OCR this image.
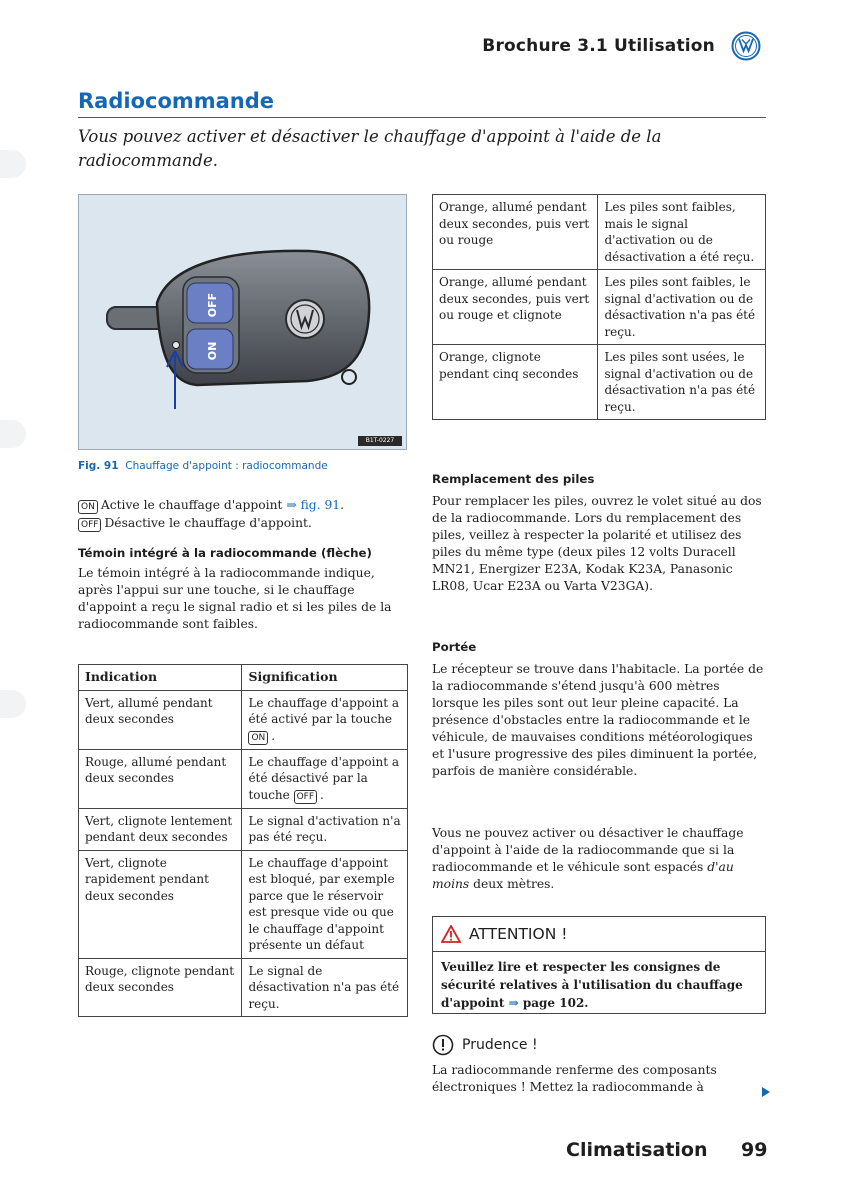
Brochure 3.1 Utilisation
Radiocommande
Vous pouvez activer et désactiver le chauffage d'appoint à l'aide de la radiocommande.
OFF
ON
B1T-0227
Fig. 91 Chauffage d'appoint : radiocommande
ON Active le chauffage d'appoint ⇒ fig. 91.
OFF Désactive le chauffage d'appoint.
Témoin intégré à la radiocommande (flèche)
Le témoin intégré à la radiocommande indique, après l'appui sur une touche, si le chauffage d'appoint a reçu le signal radio et si les piles de la radiocommande sont faibles.
Indication	Signification
Vert, allumé pendant deux secondes	Le chauffage d'appoint a été activé par la touche ON .
Rouge, allumé pendant deux secondes	Le chauffage d'appoint a été désactivé par la touche OFF .
Vert, clignote lentement pendant deux secondes	Le signal d'activation n'a pas été reçu.
Vert, clignote rapidement pendant deux secondes	Le chauffage d'appoint est bloqué, par exemple parce que le réservoir est presque vide ou que le chauffage d'appoint présente un défaut
Rouge, clignote pendant deux secondes	Le signal de désactivation n'a pas été reçu.
Orange, allumé pendant deux secondes, puis vert ou rouge	Les piles sont faibles, mais le signal d'activation ou de désactivation a été reçu.
Orange, allumé pendant deux secondes, puis vert ou rouge et clignote	Les piles sont faibles, le signal d'activation ou de désactivation n'a pas été reçu.
Orange, clignote pendant cinq secondes	Les piles sont usées, le signal d'activation ou de désactivation n'a pas été reçu.
Remplacement des piles
Pour remplacer les piles, ouvrez le volet situé au dos de la radiocommande. Lors du remplacement des piles, veillez à respecter la polarité et utilisez des piles du même type (deux piles 12 volts Duracell MN21, Energizer E23A, Kodak K23A, Panasonic LR08, Ucar E23A ou Varta V23GA).
Portée
Le récepteur se trouve dans l'habitacle. La portée de la radiocommande s'étend jusqu'à 600 mètres lorsque les piles sont out leur pleine capacité. La présence d'obstacles entre la radiocommande et le véhicule, de mauvaises conditions météorologiques et l'usure progressive des piles diminuent la portée, parfois de manière considérable.
Vous ne pouvez activer ou désactiver le chauffage d'appoint à l'aide de la radiocommande que si la radiocommande et le véhicule sont espacés d'au moins deux mètres.
ATTENTION !
Veuillez lire et respecter les consignes de sécurité relatives à l'utilisation du chauffage d'appoint ⇒ page 102.
Prudence !
La radiocommande renferme des composants électroniques ! Mettez la radiocommande à
Climatisation 99
